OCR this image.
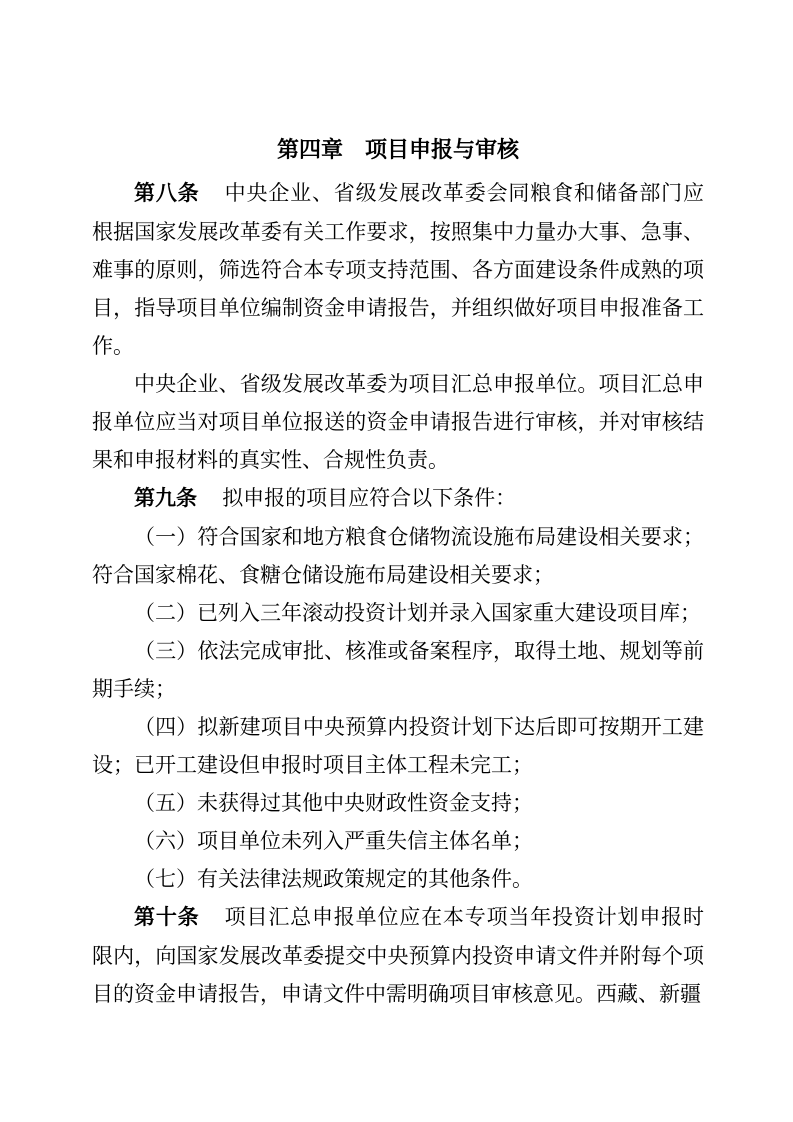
第四章　项目申报与审核

第八条 中央企业、省级发展改革委会同粮食和储备部门应根据国家发展改革委有关工作要求，按照集中力量办大事、急事、难事的原则，筛选符合本专项支持范围、各方面建设条件成熟的项目，指导项目单位编制资金申请报告，并组织做好项目申报准备工作。

中央企业、省级发展改革委为项目汇总申报单位。项目汇总申报单位应当对项目单位报送的资金申请报告进行审核，并对审核结果和申报材料的真实性、合规性负责。

第九条 拟申报的项目应符合以下条件：

（一）符合国家和地方粮食仓储物流设施布局建设相关要求；符合国家棉花、食糖仓储设施布局建设相关要求；

（二）已列入三年滚动投资计划并录入国家重大建设项目库；

（三）依法完成审批、核准或备案程序，取得土地、规划等前期手续；

（四）拟新建项目中央预算内投资计划下达后即可按期开工建设；已开工建设但申报时项目主体工程未完工；

（五）未获得过其他中央财政性资金支持；

（六）项目单位未列入严重失信主体名单；

（七）有关法律法规政策规定的其他条件。

第十条 项目汇总申报单位应在本专项当年投资计划申报时限内，向国家发展改革委提交中央预算内投资申请文件并附每个项目的资金申请报告，申请文件中需明确项目审核意见。西藏、新疆
